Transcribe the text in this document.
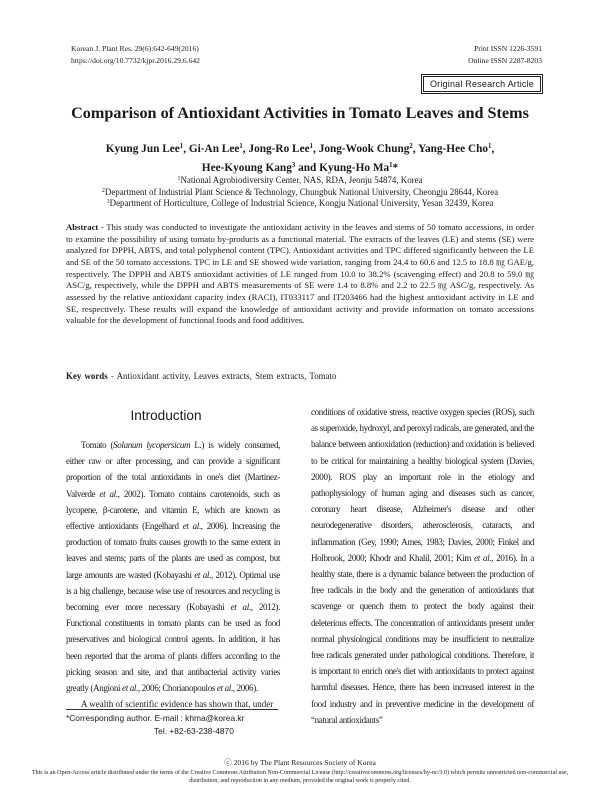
Korean J. Plant Res. 29(6):642-649(2016)
https://doi.org/10.7732/kjpr.2016.29.6.642
Print ISSN 1226-3591
Online ISSN 2287-8203
Original Research Article
Comparison of Antioxidant Activities in Tomato Leaves and Stems
Kyung Jun Lee$^1$, Gi-An Lee$^1$, Jong-Ro Lee$^1$, Jong-Wook Chung$^2$, Yang-Hee Cho$^1$,
Hee-Kyoung Kang$^3$ and Kyung-Ho Ma$^1$*
$^1$National Agrobiodiversity Center, NAS, RDA, Jeonju 54874, Korea
$^2$Department of Industrial Plant Science & Technology, Chungbuk National University, Cheongju 28644, Korea
$^3$Department of Horticulture, College of Industrial Science, Kongju National University, Yesan 32439, Korea
Abstract - This study was conducted to investigate the antioxidant activity in the leaves and stems of 50 tomato accessions, in order to examine the possibility of using tomato by-products as a functional material. The extracts of the leaves (LE) and stems (SE) were analyzed for DPPH, ABTS, and total polyphenol content (TPC). Antioxidant activities and TPC differed significantly between the LE and SE of the 50 tomato accessions. TPC in LE and SE showed wide variation, ranging from 24.4 to 60.6 and 12.5 to 18.8 ㎎ GAE/g, respectively. The DPPH and ABTS antioxidant activities of LE ranged from 10.0 to 38.2% (scavenging effect) and 20.8 to 59.0 ㎎ ASC/g, respectively, while the DPPH and ABTS measurements of SE were 1.4 to 8.8% and 2.2 to 22.5 ㎎ ASC/g, respectively. As assessed by the relative antioxidant capacity index (RACI), IT033117 and IT203466 had the highest antioxidant activity in LE and SE, respectively. These results will expand the knowledge of antioxidant activity and provide information on tomato accessions valuable for the development of functional foods and food additives.
Key words - Antioxidant activity, Leaves extracts, Stem extracts, Tomato
Introduction

Tomato (Solanum lycopersicum L.) is widely consumed, either raw or after processing, and can provide a significant proportion of the total antioxidants in one's diet (Martinez-Valverde et al., 2002). Tomato contains carotenoids, such as lycopene, β-carotene, and vitamin E, which are known as effective antioxidants (Engelhard et al., 2006). Increasing the production of tomato fruits causes growth to the same extent in leaves and stems; parts of the plants are used as compost, but large amounts are wasted (Kobayashi et al., 2012). Optimal use is a big challenge, because wise use of resources and recycling is becoming ever more necessary (Kobayashi et al., 2012). Functional constituents in tomato plants can be used as food preservatives and biological control agents. In addition, it has been reported that the aroma of plants differs according to the picking season and site, and that antibacterial activity varies greatly (Angioni et al., 2006; Chorianopoulos et al., 2006).

A wealth of scientific evidence has shown that, under

conditions of oxidative stress, reactive oxygen species (ROS), such as superoxide, hydroxyl, and peroxyl radicals, are generated, and the balance between antioxidation (reduction) and oxidation is believed to be critical for maintaining a healthy biological system (Davies, 2000). ROS play an important role in the etiology and pathophysiology of human aging and diseases such as cancer, coronary heart disease, Alzheimer's disease and other neurodegenerative disorders, atherosclerosis, cataracts, and inflammation (Gey, 1990; Ames, 1983; Davies, 2000; Finkel and Holbrook, 2000; Khodr and Khalil, 2001; Kim et al., 2016). In a healthy state, there is a dynamic balance between the production of free radicals in the body and the generation of antioxidants that scavenge or quench them to protect the body against their deleterious effects. The concentration of antioxidants present under normal physiological conditions may be insufficient to neutralize free radicals generated under pathological conditions. Therefore, it is important to enrich one's diet with antioxidants to protect against harmful diseases. Hence, there has been increased interest in the food industry and in preventive medicine in the development of “natural antioxidants”

*Corresponding author. E-mail : khma@korea.kr
Tel. +82-63-238-4870
ⓒ 2016 by The Plant Resources Society of Korea
This is an Open-Access article distributed under the terms of the Creative Commons Attribution Non-Commercial License (http://creativecommons.org/licenses/by-nc/3.0) which permits unrestricted non-commercial use, distribution, and reproduction in any medium, provided the original work is properly cited.
